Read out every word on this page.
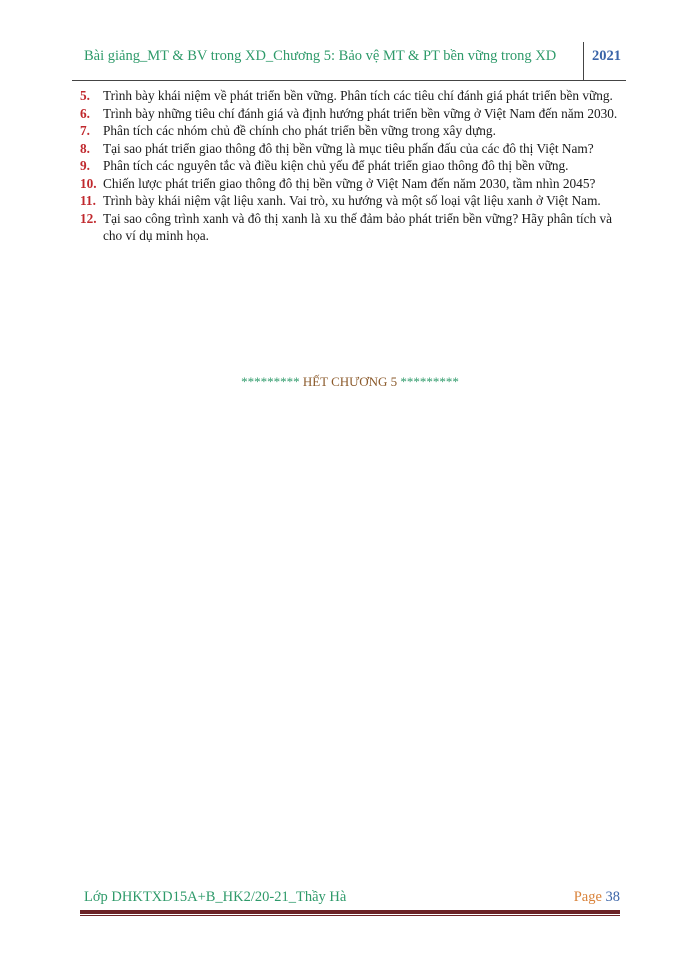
Bài giảng_MT & BV trong XD_Chương 5: Bảo vệ MT & PT bền vững trong XD 2021
5. Trình bày khái niệm về phát triển bền vững. Phân tích các tiêu chí đánh giá phát triển bền vững.
6. Trình bày những tiêu chí đánh giá và định hướng phát triển bền vững ở Việt Nam đến năm 2030.
7. Phân tích các nhóm chủ đề chính cho phát triển bền vững trong xây dựng.
8. Tại sao phát triển giao thông đô thị bền vững là mục tiêu phấn đấu của các đô thị Việt Nam?
9. Phân tích các nguyên tắc và điều kiện chủ yếu để phát triển giao thông đô thị bền vững.
10. Chiến lược phát triển giao thông đô thị bền vững ở Việt Nam đến năm 2030, tầm nhìn 2045?
11. Trình bày khái niệm vật liệu xanh. Vai trò, xu hướng và một số loại vật liệu xanh ở Việt Nam.
12. Tại sao công trình xanh và đô thị xanh là xu thế đảm bảo phát triển bền vững? Hãy phân tích và cho ví dụ minh họa.
********* HẾT CHƯƠNG 5 *********
Lớp DHKTXD15A+B_HK2/20-21_Thầy Hà	Page 38
